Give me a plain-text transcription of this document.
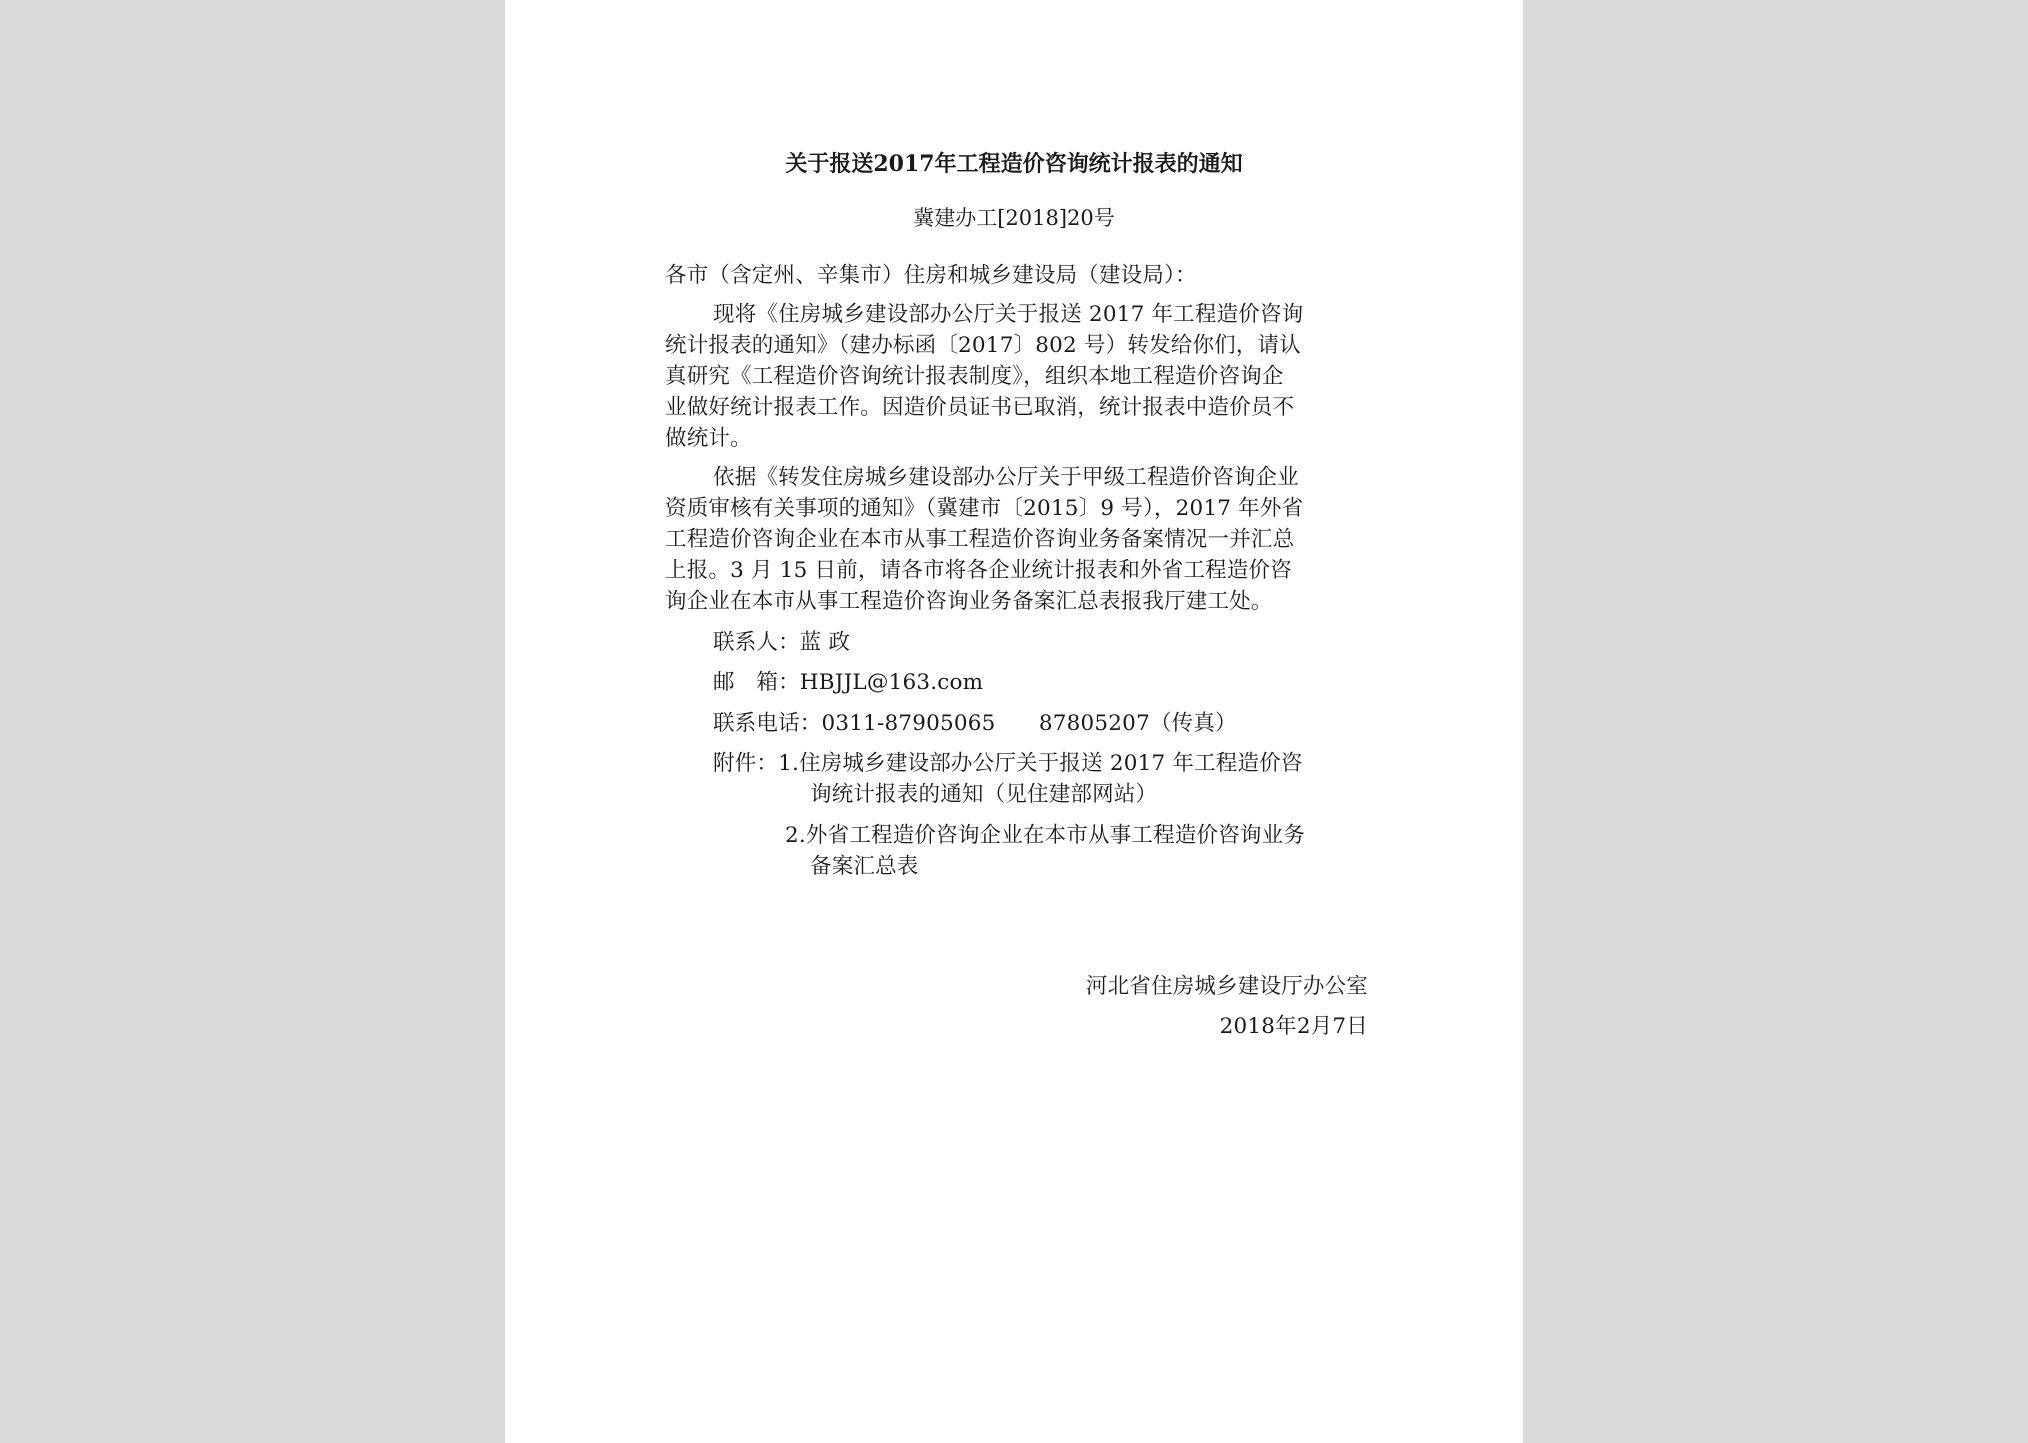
关于报送2017年工程造价咨询统计报表的通知
冀建办工[2018]20号
各市（含定州、辛集市）住房和城乡建设局（建设局）：
现将《住房城乡建设部办公厅关于报送 2017 年工程造价咨询
统计报表的通知》（建办标函〔2017〕802 号）转发给你们，请认
真研究《工程造价咨询统计报表制度》，组织本地工程造价咨询企
业做好统计报表工作。因造价员证书已取消，统计报表中造价员不
做统计。
依据《转发住房城乡建设部办公厅关于甲级工程造价咨询企业
资质审核有关事项的通知》（冀建市〔2015〕9 号），2017 年外省
工程造价咨询企业在本市从事工程造价咨询业务备案情况一并汇总
上报。3 月 15 日前，请各市将各企业统计报表和外省工程造价咨
询企业在本市从事工程造价咨询业务备案汇总表报我厅建工处。
联系人：蓝 政
邮　箱：HBJJL@163.com
联系电话：0311-87905065　　87805207（传真）
附件：1.住房城乡建设部办公厅关于报送 2017 年工程造价咨
询统计报表的通知（见住建部网站）
2.外省工程造价咨询企业在本市从事工程造价咨询业务
备案汇总表
河北省住房城乡建设厅办公室
2018年2月7日
